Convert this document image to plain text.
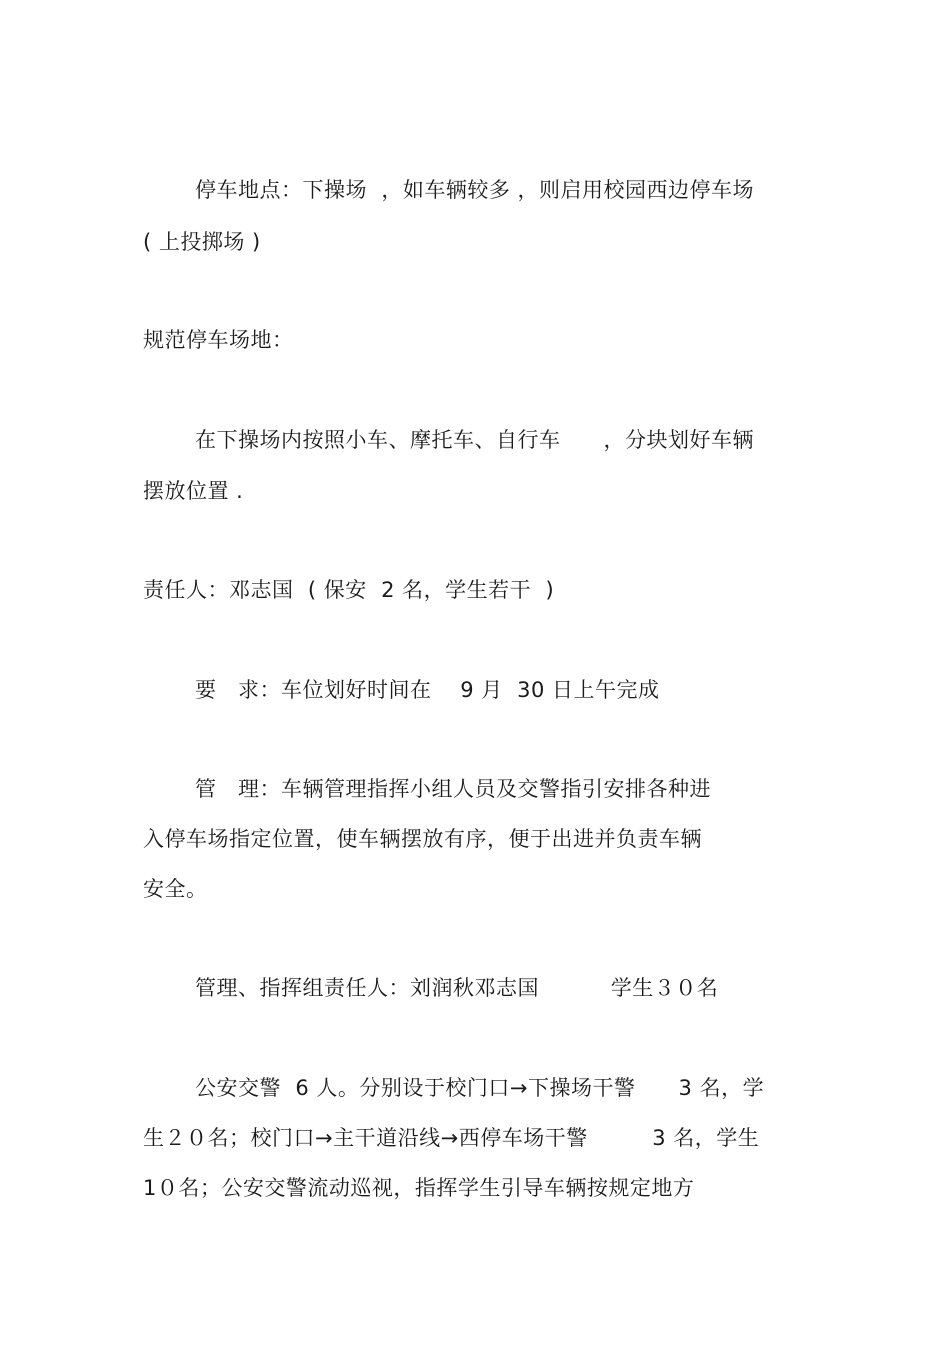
停车地点：下操场  ，如车辆较多 ，则启用校园西边停车场
( 上投掷场 )
规范停车场地：
在下操场内按照小车、摩托车、自行车      ，分块划好车辆
摆放位置 .
责任人：邓志国  ( 保安  2 名，学生若干  )
要   求：车位划好时间在    9 月  30 日上午完成
管   理：车辆管理指挥小组人员及交警指引安排各种进
入停车场指定位置，使车辆摆放有序，便于出进并负责车辆
安全。
管理、指挥组责任人：刘润秋邓志国          学生３０名
公安交警  6 人。分别设于校门口→下操场干警      3 名，学
生２０名；校门口→主干道沿线→西停车场干警         3 名，学生
1０名；公安交警流动巡视，指挥学生引导车辆按规定地方
